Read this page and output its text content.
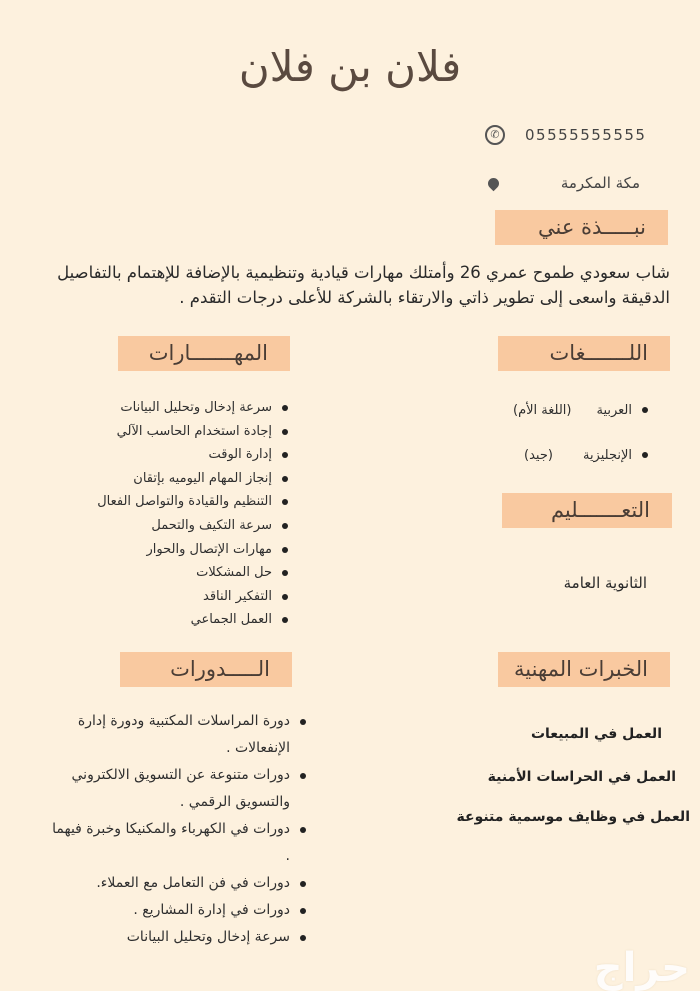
فلان بن فلان
✆	05555555555
مكة المكرمة
نبـــــذة عني
شاب سعودي طموح عمري 26 وأمتلك مهارات قيادية وتنظيمية بالإضافة للإهتمام بالتفاصيل الدقيقة واسعى إلى تطوير ذاتي والارتقاء بالشركة للأعلى درجات التقدم .
اللـــــــغات
العربية(اللغة الأم)
الإنجليزية(جيد)
المهـــــــارات
سرعة إدخال وتحليل البيانات
إجادة استخدام الحاسب الآلي
إدارة الوقت
إنجاز المهام اليوميه بإتقان
التنظيم والقيادة والتواصل الفعال
سرعة التكيف والتحمل
مهارات الإتصال والحوار
حل المشكلات
التفكير الناقد
العمل الجماعي
التعـــــــليم
الثانوية العامة
الخبرات المهنية
العمل في المبيعات
العمل في الحراسات الأمنية
العمل في وظايف موسمية متنوعة
الـــــدورات
دورة المراسلات المكتبية ودورة إدارة الإنفعالات .
دورات متنوعة عن التسويق الالكتروني والتسويق الرقمي .
دورات في الكهرباء والمكنيكا وخبرة فيهما .
دورات في فن التعامل مع العملاء.
دورات في إدارة المشاريع .
سرعة إدخال وتحليل البيانات
حراج
